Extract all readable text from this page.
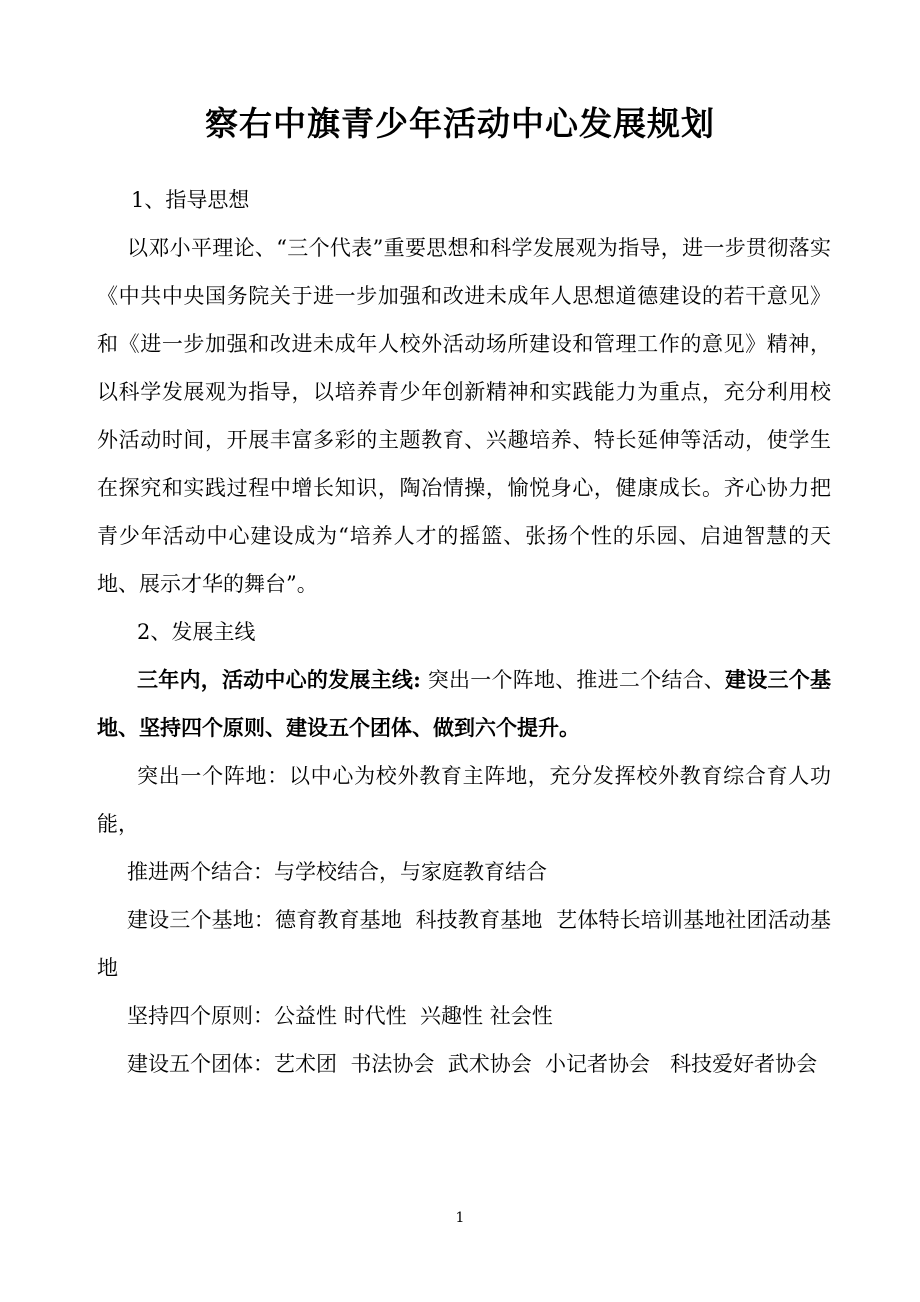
察右中旗青少年活动中心发展规划

1、指导思想

以邓小平理论、“三个代表”重要思想和科学发展观为指导，进一步贯彻落实《中共中央国务院关于进一步加强和改进未成年人思想道德建设的若干意见》和《进一步加强和改进未成年人校外活动场所建设和管理工作的意见》精神，以科学发展观为指导，以培养青少年创新精神和实践能力为重点，充分利用校外活动时间，开展丰富多彩的主题教育、兴趣培养、特长延伸等活动，使学生在探究和实践过程中增长知识，陶冶情操，愉悦身心，健康成长。齐心协力把青少年活动中心建设成为“培养人才的摇篮、张扬个性的乐园、启迪智慧的天地、展示才华的舞台”。

2、发展主线

三年内，活动中心的发展主线: 突出一个阵地、推进二个结合、建设三个基地、坚持四个原则、建设五个团体、做到六个提升。

突出一个阵地：以中心为校外教育主阵地，充分发挥校外教育综合育人功能，

推进两个结合：与学校结合，与家庭教育结合

建设三个基地：德育教育基地  科技教育基地  艺体特长培训基地社团活动基地

坚持四个原则：公益性 时代性  兴趣性 社会性

建设五个团体：艺术团  书法协会  武术协会  小记者协会   科技爱好者协会

1
